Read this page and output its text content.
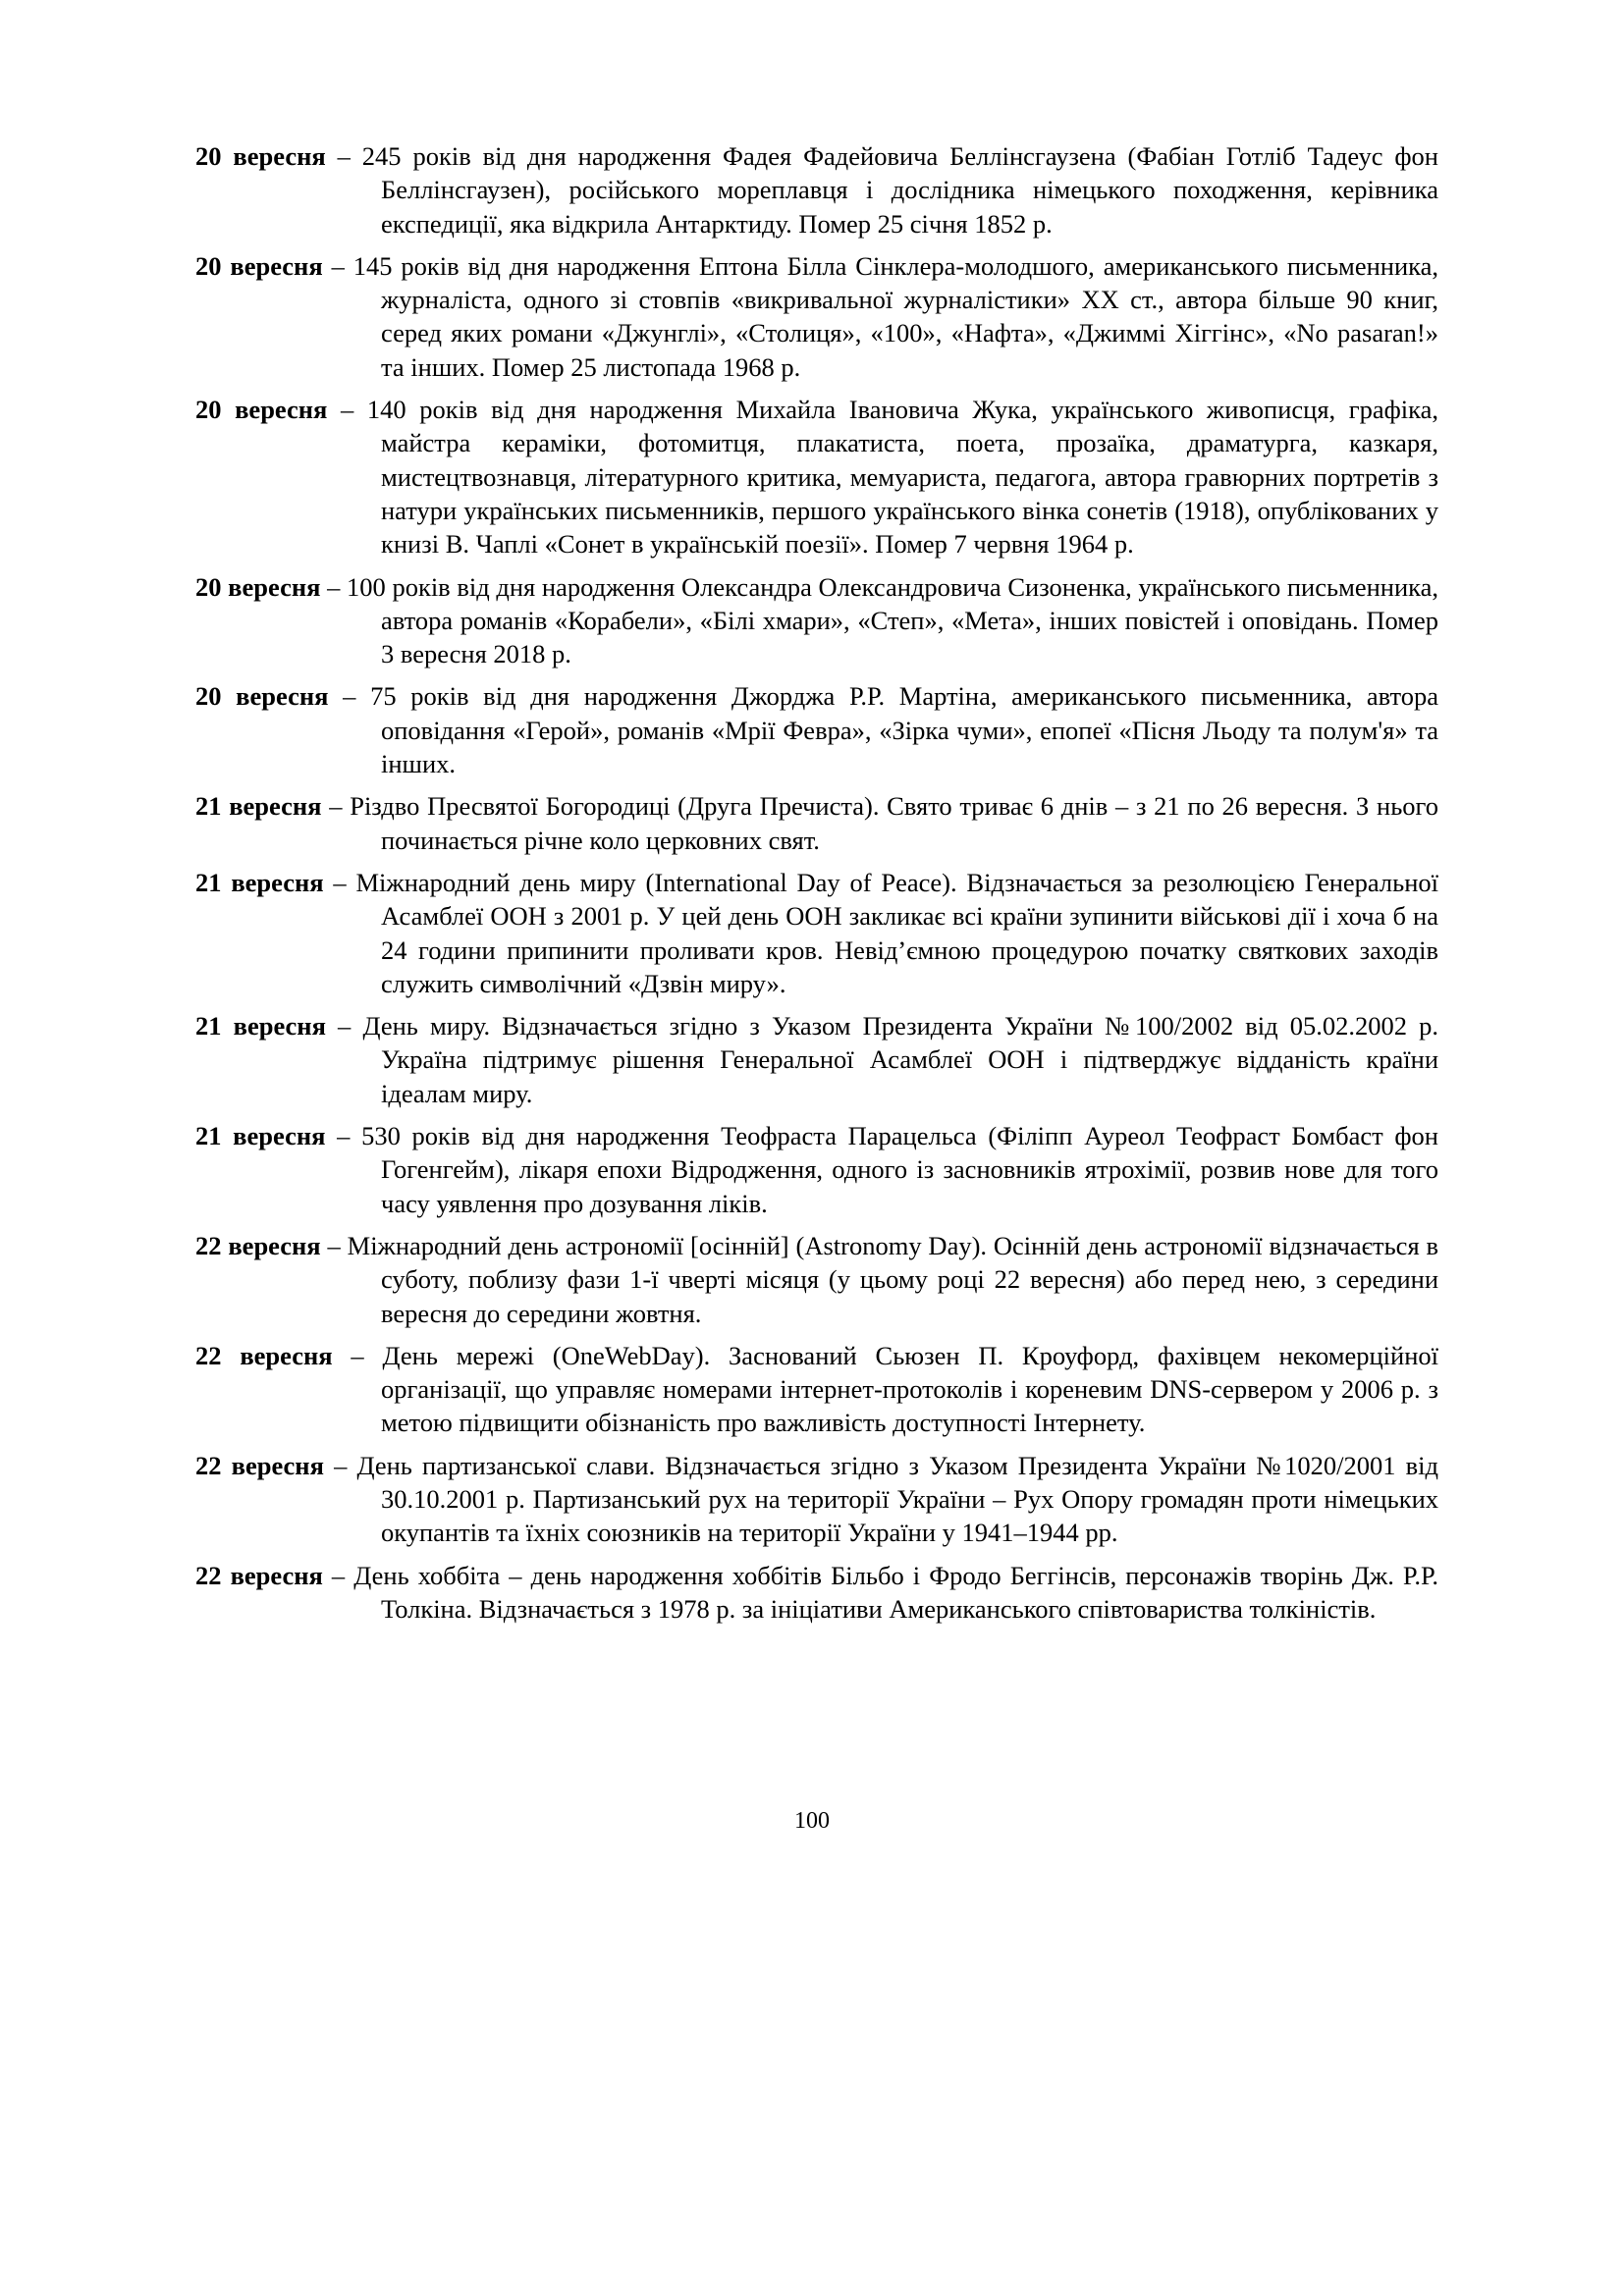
20 вересня – 245 років від дня народження Фадея Фадейовича Беллінсгаузена (Фабіан Готліб Тадеус фон Беллінсгаузен), російського мореплавця і дослідника німецького походження, керівника експедиції, яка відкрила Антарктиду. Помер 25 січня 1852 р.

20 вересня – 145 років від дня народження Ептона Білла Сінклера-молодшого, американського письменника, журналіста, одного зі стовпів «викривальної журналістики» XX ст., автора більше 90 книг, серед яких романи «Джунглі», «Столиця», «100», «Нафта», «Джиммі Хіггінс», «No pasaran!» та інших. Помер 25 листопада 1968 р.

20 вересня – 140 років від дня народження Михайла Івановича Жука, українського живописця, графіка, майстра кераміки, фотомитця, плакатиста, поета, прозаїка, драматурга, казкаря, мистецтвознавця, літературного критика, мемуариста, педагога, автора гравюрних портретів з натури українських письменників, першого українського вінка сонетів (1918), опублікованих у книзі В. Чаплі «Сонет в українській поезії». Помер 7 червня 1964 р.

20 вересня – 100 років від дня народження Олександра Олександровича Сизоненка, українського письменника, автора романів «Корабели», «Білі хмари», «Степ», «Мета», інших повістей і оповідань. Помер 3 вересня 2018 р.

20 вересня – 75 років від дня народження Джорджа Р.Р. Мартіна, американського письменника, автора оповідання «Герой», романів «Мрії Февра», «Зірка чуми», епопеї «Пісня Льоду та полум'я» та інших.

21 вересня – Різдво Пресвятої Богородиці (Друга Пречиста). Свято триває 6 днів – з 21 по 26 вересня. З нього починається річне коло церковних свят.

21 вересня – Міжнародний день миру (International Day of Peace). Відзначається за резолюцією Генеральної Асамблеї ООН з 2001 р. У цей день ООН закликає всі країни зупинити військові дії і хоча б на 24 години припинити проливати кров. Невід’ємною процедурою початку святкових заходів служить символічний «Дзвін миру».

21 вересня – День миру. Відзначається згідно з Указом Президента України №100/2002 від 05.02.2002 р. Україна підтримує рішення Генеральної Асамблеї ООН і підтверджує відданість країни ідеалам миру.

21 вересня – 530 років від дня народження Теофраста Парацельса (Філіпп Ауреол Теофраст Бомбаст фон Гогенгейм), лікаря епохи Відродження, одного із засновників ятрохімії, розвив нове для того часу уявлення про дозування ліків.

22 вересня – Міжнародний день астрономії [осінній] (Astronomy Day). Осінній день астрономії відзначається в суботу, поблизу фази 1-ї чверті місяця (у цьому році 22 вересня) або перед нею, з середини вересня до середини жовтня.

22 вересня – День мережі (OneWebDay). Заснований Сьюзен П. Кроуфорд, фахівцем некомерційної організації, що управляє номерами інтернет-протоколів і кореневим DNS-сервером у 2006 р. з метою підвищити обізнаність про важливість доступності Інтернету.

22 вересня – День партизанської слави. Відзначається згідно з Указом Президента України №1020/2001 від 30.10.2001 р. Партизанський рух на території України – Рух Опору громадян проти німецьких окупантів та їхніх союзників на території України у 1941–1944 рр.

22 вересня – День хоббіта – день народження хоббітів Більбо і Фродо Беггінсів, персонажів творінь Дж. Р.Р. Толкіна. Відзначається з 1978 р. за ініціативи Американського співтовариства толкіністів.

100
